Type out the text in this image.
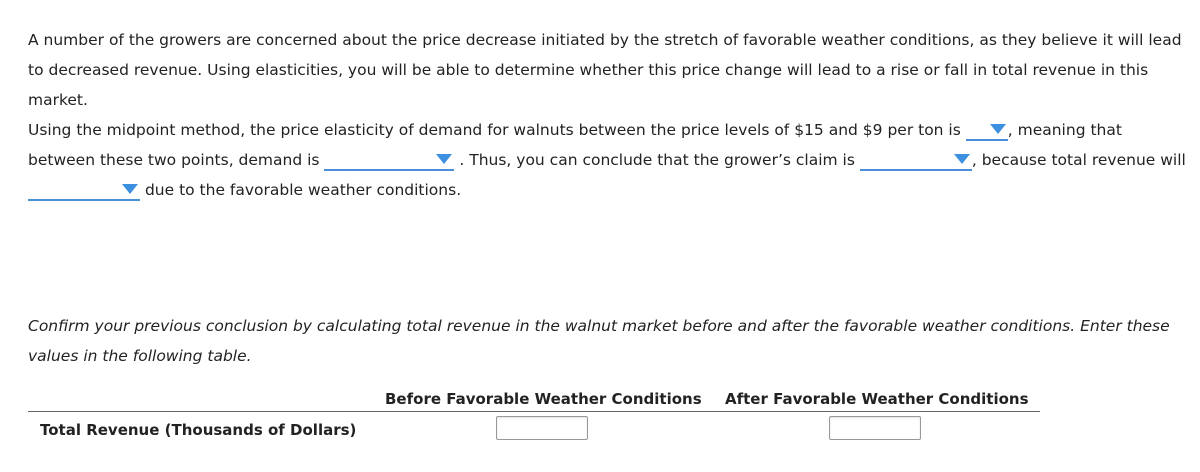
A number of the growers are concerned about the price decrease initiated by the stretch of favorable weather conditions, as they believe it will lead to decreased revenue. Using elasticities, you will be able to determine whether this price change will lead to a rise or fall in total revenue in this market.

Using the midpoint method, the price elasticity of demand for walnuts between the price levels of $15 and $9 per ton is	, meaning that between these two points, demand is	. Thus, you can conclude that the grower’s claim is	, because total revenue will

due to the favorable weather conditions.

Confirm your previous conclusion by calculating total revenue in the walnut market before and after the favorable weather conditions. Enter these values in the following table.

Before Favorable Weather Conditions After Favorable Weather Conditions
Total Revenue (Thousands of Dollars)
